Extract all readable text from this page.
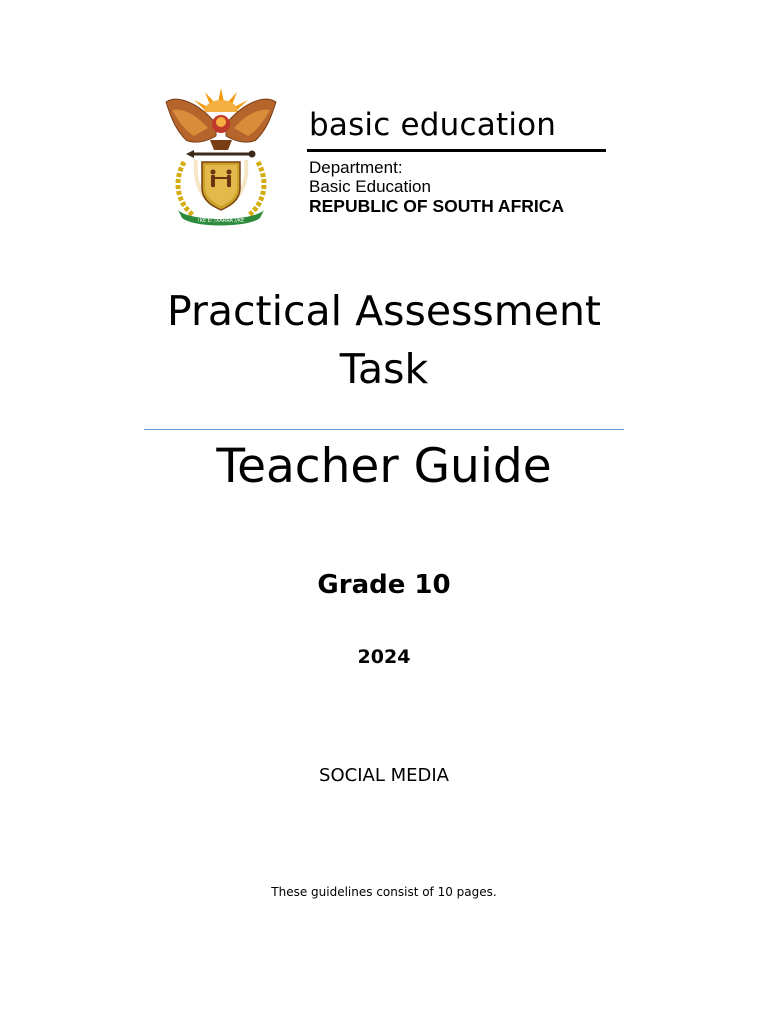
!KE E: /XARRA //KE
basic education
Department:
Basic Education
REPUBLIC OF SOUTH AFRICA
Practical Assessment
Task
Teacher Guide
Grade 10
2024
SOCIAL MEDIA
These guidelines consist of 10 pages.
